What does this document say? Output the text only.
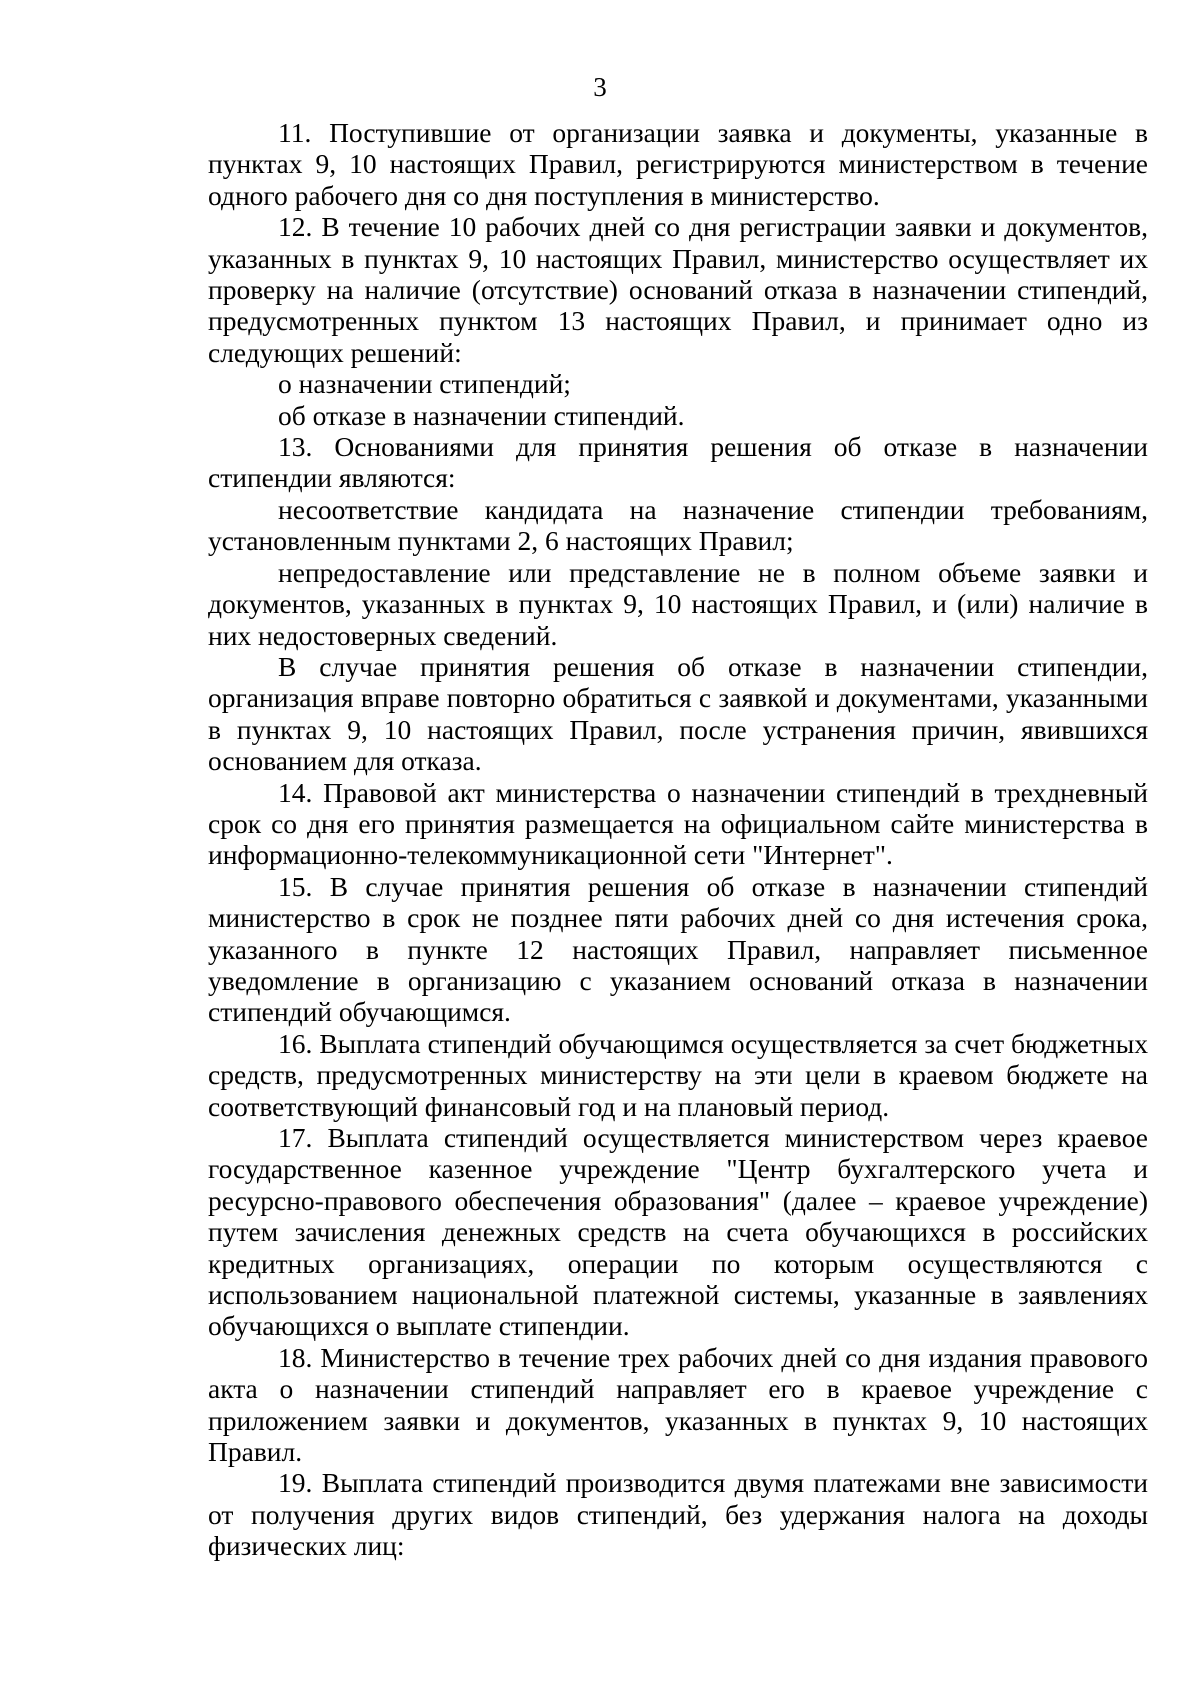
3

11. Поступившие от организации заявка и документы, указанные в пунктах 9, 10 настоящих Правил, регистрируются министерством в течение одного рабочего дня со дня поступления в министерство.

12. В течение 10 рабочих дней со дня регистрации заявки и документов, указанных в пунктах 9, 10 настоящих Правил, министерство осуществляет их проверку на наличие (отсутствие) оснований отказа в назначении стипендий, предусмотренных пунктом 13 настоящих Правил, и принимает одно из следующих решений:

о назначении стипендий;

об отказе в назначении стипендий.

13. Основаниями для принятия решения об отказе в назначении стипендии являются:

несоответствие кандидата на назначение стипендии требованиям, установленным пунктами 2, 6 настоящих Правил;

непредоставление или представление не в полном объеме заявки и документов, указанных в пунктах 9, 10 настоящих Правил, и (или) наличие в них недостоверных сведений.

В случае принятия решения об отказе в назначении стипендии, организация вправе повторно обратиться с заявкой и документами, указанными в пунктах 9, 10 настоящих Правил, после устранения причин, явившихся основанием для отказа.

14. Правовой акт министерства о назначении стипендий в трехдневный срок со дня его принятия размещается на официальном сайте министерства в информационно-телекоммуникационной сети "Интернет".

15. В случае принятия решения об отказе в назначении стипендий министерство в срок не позднее пяти рабочих дней со дня истечения срока, указанного в пункте 12 настоящих Правил, направляет письменное уведомление в организацию с указанием оснований отказа в назначении стипендий обучающимся.

16. Выплата стипендий обучающимся осуществляется за счет бюджетных средств, предусмотренных министерству на эти цели в краевом бюджете на соответствующий финансовый год и на плановый период.

17. Выплата стипендий осуществляется министерством через краевое государственное казенное учреждение "Центр бухгалтерского учета и ресурсно-правового обеспечения образования" (далее – краевое учреждение) путем зачисления денежных средств на счета обучающихся в российских кредитных организациях, операции по которым осуществляются с использованием национальной платежной системы, указанные в заявлениях обучающихся о выплате стипендии.

18. Министерство в течение трех рабочих дней со дня издания правового акта о назначении стипендий направляет его в краевое учреждение с приложением заявки и документов, указанных в пунктах 9, 10 настоящих Правил.

19. Выплата стипендий производится двумя платежами вне зависимости от получения других видов стипендий, без удержания налога на доходы физических лиц:
